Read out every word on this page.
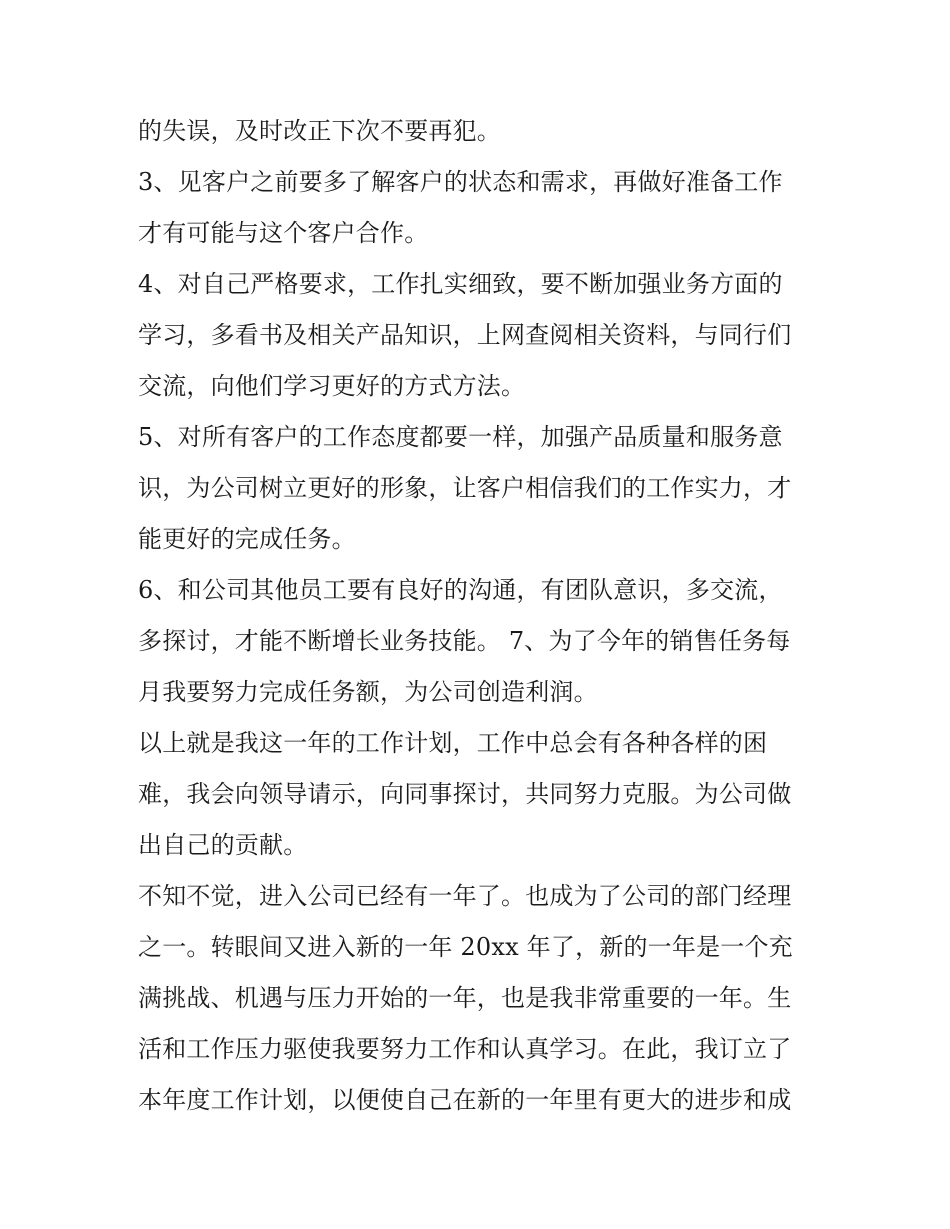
的失误，及时改正下次不要再犯。
3、见客户之前要多了解客户的状态和需求，再做好准备工作
才有可能与这个客户合作。
4、对自己严格要求，工作扎实细致，要不断加强业务方面的
学习，多看书及相关产品知识，上网查阅相关资料，与同行们
交流，向他们学习更好的方式方法。
5、对所有客户的工作态度都要一样，加强产品质量和服务意
识，为公司树立更好的形象，让客户相信我们的工作实力，才
能更好的完成任务。
6、和公司其他员工要有良好的沟通，有团队意识，多交流，
多探讨，才能不断增长业务技能。 7、为了今年的销售任务每
月我要努力完成任务额，为公司创造利润。
以上就是我这一年的工作计划，工作中总会有各种各样的困
难，我会向领导请示，向同事探讨，共同努力克服。为公司做
出自己的贡献。
不知不觉，进入公司已经有一年了。也成为了公司的部门经理
之一。转眼间又进入新的一年 20xx 年了，新的一年是一个充
满挑战、机遇与压力开始的一年，也是我非常重要的一年。生
活和工作压力驱使我要努力工作和认真学习。在此，我订立了
本年度工作计划，以便使自己在新的一年里有更大的进步和成
